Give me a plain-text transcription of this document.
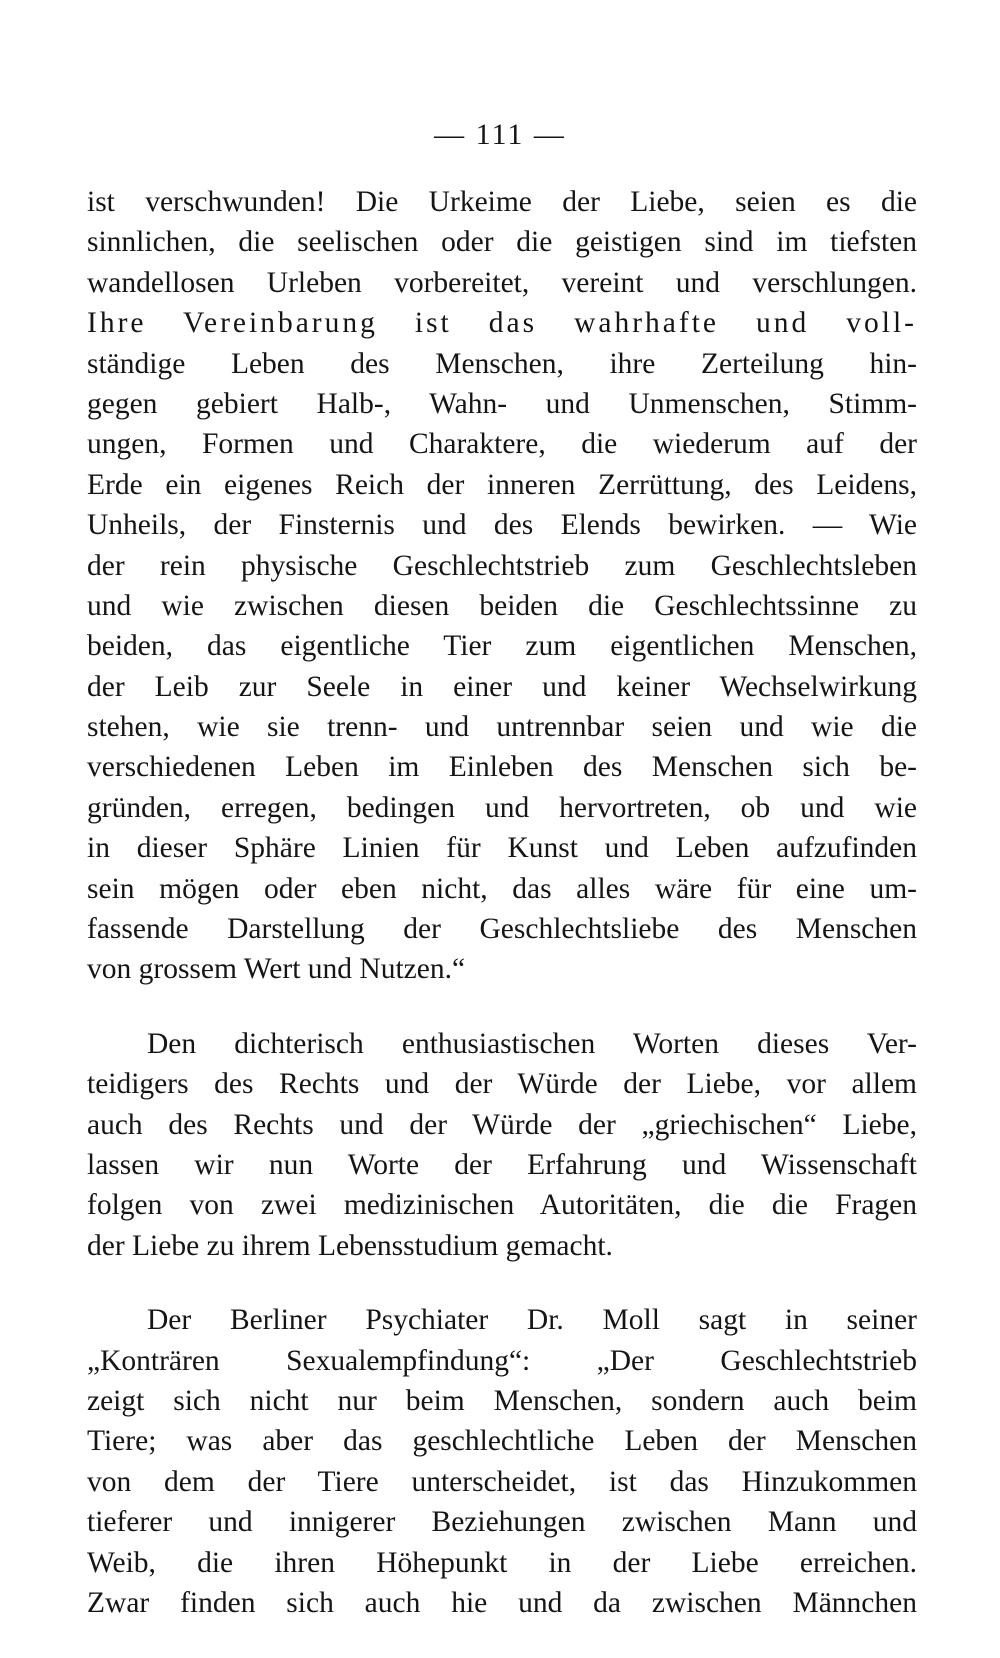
— 111 —
ist verschwunden! Die Urkeime der Liebe, seien es die
sinnlichen, die seelischen oder die geistigen sind im tiefsten
wandellosen Urleben vorbereitet, vereint und verschlungen.
Ihre Vereinbarung ist das wahrhafte und voll-
ständige Leben des Menschen, ihre Zerteilung hin-
gegen gebiert Halb-, Wahn- und Unmenschen, Stimm-
ungen, Formen und Charaktere, die wiederum auf der
Erde ein eigenes Reich der inneren Zerrüttung, des Leidens,
Unheils, der Finsternis und des Elends bewirken. — Wie
der rein physische Geschlechtstrieb zum Geschlechtsleben
und wie zwischen diesen beiden die Geschlechtssinne zu
beiden, das eigentliche Tier zum eigentlichen Menschen,
der Leib zur Seele in einer und keiner Wechselwirkung
stehen, wie sie trenn- und untrennbar seien und wie die
verschiedenen Leben im Einleben des Menschen sich be-
gründen, erregen, bedingen und hervortreten, ob und wie
in dieser Sphäre Linien für Kunst und Leben aufzufinden
sein mögen oder eben nicht, das alles wäre für eine um-
fassende Darstellung der Geschlechtsliebe des Menschen
von grossem Wert und Nutzen.“
Den dichterisch enthusiastischen Worten dieses Ver-
teidigers des Rechts und der Würde der Liebe, vor allem
auch des Rechts und der Würde der „griechischen“ Liebe,
lassen wir nun Worte der Erfahrung und Wissenschaft
folgen von zwei medizinischen Autoritäten, die die Fragen
der Liebe zu ihrem Lebensstudium gemacht.
Der Berliner Psychiater Dr. Moll sagt in seiner
„Konträren Sexualempfindung“: „Der Geschlechtstrieb
zeigt sich nicht nur beim Menschen, sondern auch beim
Tiere; was aber das geschlechtliche Leben der Menschen
von dem der Tiere unterscheidet, ist das Hinzukommen
tieferer und innigerer Beziehungen zwischen Mann und
Weib, die ihren Höhepunkt in der Liebe erreichen.
Zwar finden sich auch hie und da zwischen Männchen
